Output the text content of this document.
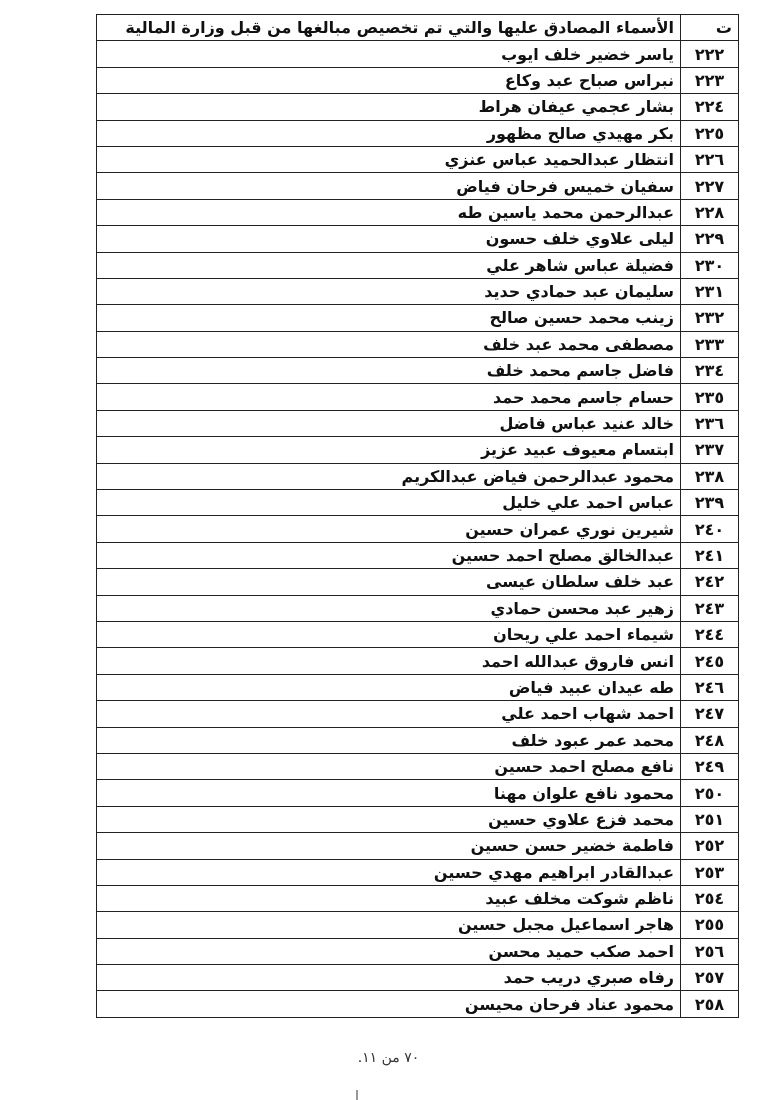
ت	الأسماء المصادق عليها والتي تم تخصيص مبالغها من قبل وزارة المالية
٢٢٢	ياسر خضير خلف ايوب
٢٢٣	نبراس صباح عبد وكاع
٢٢٤	بشار عجمي عيفان هراط
٢٢٥	بكر مهيدي صالح مظهور
٢٢٦	انتظار عبدالحميد عباس عنزي
٢٢٧	سفيان خميس فرحان فياض
٢٢٨	عبدالرحمن محمد ياسين طه
٢٢٩	ليلى علاوي خلف حسون
٢٣٠	فضيلة عباس شاهر علي
٢٣١	سليمان عبد حمادي حديد
٢٣٢	زينب محمد حسين صالح
٢٣٣	مصطفى محمد عبد خلف
٢٣٤	فاضل جاسم محمد خلف
٢٣٥	حسام جاسم محمد حمد
٢٣٦	خالد عنيد عباس فاضل
٢٣٧	ابتسام معيوف عبيد عزيز
٢٣٨	محمود عبدالرحمن فياض عبدالكريم
٢٣٩	عباس احمد علي خليل
٢٤٠	شيرين نوري عمران حسين
٢٤١	عبدالخالق مصلح احمد حسين
٢٤٢	عبد خلف سلطان عيسى
٢٤٣	زهير عبد محسن حمادي
٢٤٤	شيماء احمد علي ريحان
٢٤٥	انس فاروق عبدالله احمد
٢٤٦	طه عيدان عبيد فياض
٢٤٧	احمد شهاب احمد علي
٢٤٨	محمد عمر عبود خلف
٢٤٩	نافع مصلح احمد حسين
٢٥٠	محمود نافع علوان مهنا
٢٥١	محمد فزع علاوي حسين
٢٥٢	فاطمة خضير حسن حسين
٢٥٣	عبدالقادر ابراهيم مهدي حسين
٢٥٤	ناظم شوكت مخلف عبيد
٢٥٥	هاجر اسماعيل مجبل حسين
٢٥٦	احمد صكب حميد محسن
٢٥٧	رفاه صبري دريب حمد
٢٥٨	محمود عناد فرحان محيسن
٧٠ من ١١.
